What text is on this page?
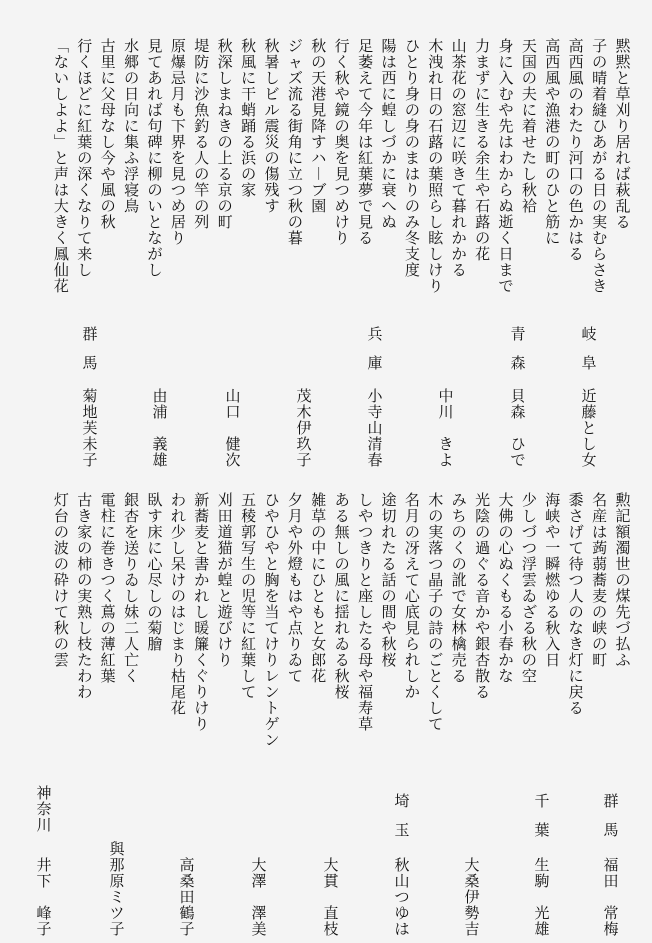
黙
黙
と
草
刈
り
居
れ
ば
萩
乱
る
子
の
晴
着
縫
ひ
あ
が
る
日
の
実
む
ら
さ
き
高
西
風
の
わ
た
り
河
口
の
色
か
は
る
高
西
風
や
漁
港
の
町
の
ひ
と
筋
に
天
国
の
夫
に
着
せ
た
し
秋
袷
身
に
入
む
や
先
は
わ
か
ら
ぬ
逝
く
日
ま
で
力
ま
ず
に
生
き
る
余
生
や
石
蕗
の
花
山
茶
花
の
窓
辺
に
咲
き
て
暮
れ
か
か
る
木
洩
れ
日
の
石
蕗
の
葉
照
ら
し
眩
し
け
り
ひ
と
り
身
の
身
の
ま
は
り
の
み
冬
支
度
陽
は
西
に
蝗
し
づ
か
に
衰
へ
ぬ
足
萎
え
て
今
年
は
紅
葉
夢
で
見
る
行
く
秋
や
鏡
の
奥
を
見
つ
め
け
り
秋
の
天
港
見
降
す
ハ
︱
ブ
園
ジ
ャ
ズ
流
る
街
角
に
立
つ
秋
の
暮
秋
暑
し
ビ
ル
震
災
の
傷
残
す
秋
風
に
干
蛸
踊
る
浜
の
家
秋
深
し
ま
ね
き
の
上
る
京
の
町
堤
防
に
沙
魚
釣
る
人
の
竿
の
列
原
爆
忌
月
も
下
界
を
見
つ
め
居
り
見
て
あ
れ
ば
句
碑
に
柳
の
い
と
な
が
し
水
郷
の
日
向
に
集
ふ
浮
寝
鳥
古
里
に
父
母
な
し
今
や
風
の
秋
行
く
ほ
ど
に
紅
葉
の
深
く
な
り
て
来
し
﹁
な
い
し
よ
よ
﹂
と
声
は
大
き
く
鳳
仙
花
岐
阜
近
藤
と
し
女
青
森
貝
森

ひ
で
中
川

き
よ
兵
庫
小
寺
山
清
春
茂
木
伊
玖
子
山
口

健
次
由
浦

義
雄
群
馬
菊
地
芙
未
子
勲
記
額
濁
世
の
煤
先
づ
払
ふ
名
産
は
蒟
蒻
蕎
麦
の
峡
の
町
黍
さ
げ
て
待
つ
人
の
な
き
灯
に
戻
る
海
峡
や
一
瞬
燃
ゆ
る
秋
入
日
少
し
づ
つ
浮
雲
ゐ
ざ
る
秋
の
空
大
佛
の
心
ぬ
く
も
る
小
春
か
な
光
陰
の
過
ぐ
る
音
か
や
銀
杏
散
る
み
ち
の
く
の
訛
で
女
林
檎
売
る
木
の
実
落
つ
晶
子
の
詩
の
ご
と
く
し
て
名
月
の
冴
え
て
心
底
見
ら
れ
し
か
途
切
れ
た
る
話
の
間
や
秋
桜
し
や
つ
き
り
と
座
し
た
る
母
や
福
寿
草
あ
る
無
し
の
風
に
揺
れ
ゐ
る
秋
桜
雑
草
の
中
に
ひ
と
も
と
女
郎
花
夕
月
や
外
燈
も
は
や
点
り
ゐ
て
ひ
や
ひ
や
と
胸
を
当
て
け
り
レ
ン
ト
ゲ
ン
五
稜
郭
写
生
の
児
等
に
紅
葉
し
て
刈
田
道
猫
が
蝗
と
遊
び
け
り
新
蕎
麦
と
書
か
れ
し
暖
簾
く
ぐ
り
け
り
わ
れ
少
し
呆
け
の
は
じ
ま
り
枯
尾
花
臥
す
床
に
心
尽
し
の
菊
膾
銀
杏
を
送
り
ゐ
し
妹
二
人
亡
く
電
柱
に
巻
き
つ
く
蔦
の
薄
紅
葉
古
き
家
の
柿
の
実
熟
し
枝
た
わ
わ
灯
台
の
波
の
砕
け
て
秋
の
雲
群
馬
福
田

常
梅
千
葉
生
駒

光
雄
大
桑
伊
勢
吉
埼
玉
秋
山
つ
ゆ
は
大
貫

直
枝
大
澤

澤
美
高
桑
田
鶴
子
與
那
原
ミ
ツ
子
神
奈
川
井
下

峰
子
